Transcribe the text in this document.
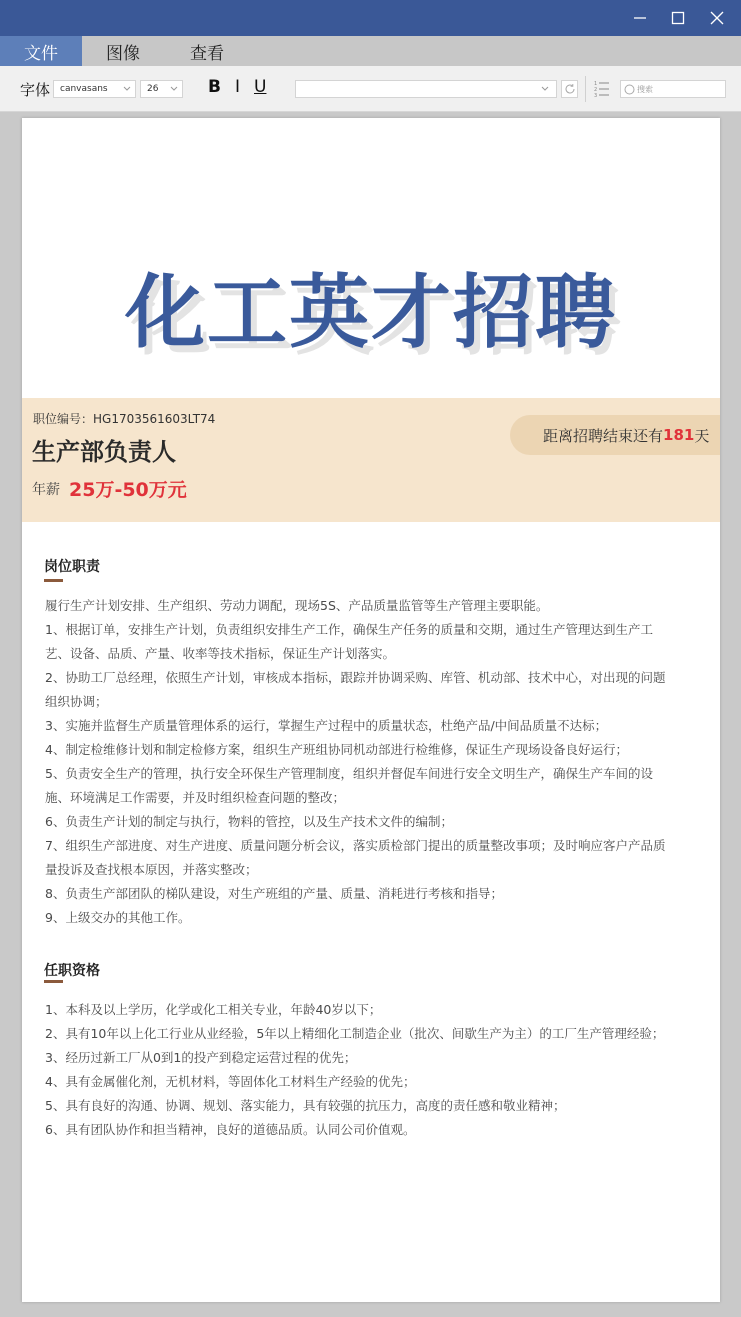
文件	图像	查看
字体 canvasans	26	B I U	1
2
3
搜索
化工英才招聘
职位编号：HG1703561603LT74
生产部负责人
年薪 25万-50万元
距离招聘结束还有 181 天
岗位职责

履行生产计划安排、生产组织、劳动力调配，现场5S、产品质量监管等生产管理主要职能。

1、根据订单，安排生产计划，负责组织安排生产工作，确保生产任务的质量和交期，通过生产管理达到生产工

艺、设备、品质、产量、收率等技术指标，保证生产计划落实。

2、协助工厂总经理，依照生产计划，审核成本指标，跟踪并协调采购、库管、机动部、技术中心，对出现的问题

组织协调；

3、实施并监督生产质量管理体系的运行，掌握生产过程中的质量状态，杜绝产品/中间品质量不达标；

4、制定检维修计划和制定检修方案，组织生产班组协同机动部进行检维修，保证生产现场设备良好运行；

5、负责安全生产的管理，执行安全环保生产管理制度，组织并督促车间进行安全文明生产，确保生产车间的设

施、环境满足工作需要，并及时组织检查问题的整改；

6、负责生产计划的制定与执行，物料的管控，以及生产技术文件的编制；

7、组织生产部进度、对生产进度、质量问题分析会议，落实质检部门提出的质量整改事项；及时响应客户产品质

量投诉及查找根本原因，并落实整改；

8、负责生产部团队的梯队建设，对生产班组的产量、质量、消耗进行考核和指导；

9、上级交办的其他工作。

任职资格

1、本科及以上学历，化学或化工相关专业，年龄40岁以下；

2、具有10年以上化工行业从业经验，5年以上精细化工制造企业（批次、间歇生产为主）的工厂生产管理经验；

3、经历过新工厂从0到1的投产到稳定运营过程的优先；

4、具有金属催化剂，无机材料，等固体化工材料生产经验的优先；

5、具有良好的沟通、协调、规划、落实能力，具有较强的抗压力，高度的责任感和敬业精神；

6、具有团队协作和担当精神，良好的道德品质。认同公司价值观。
